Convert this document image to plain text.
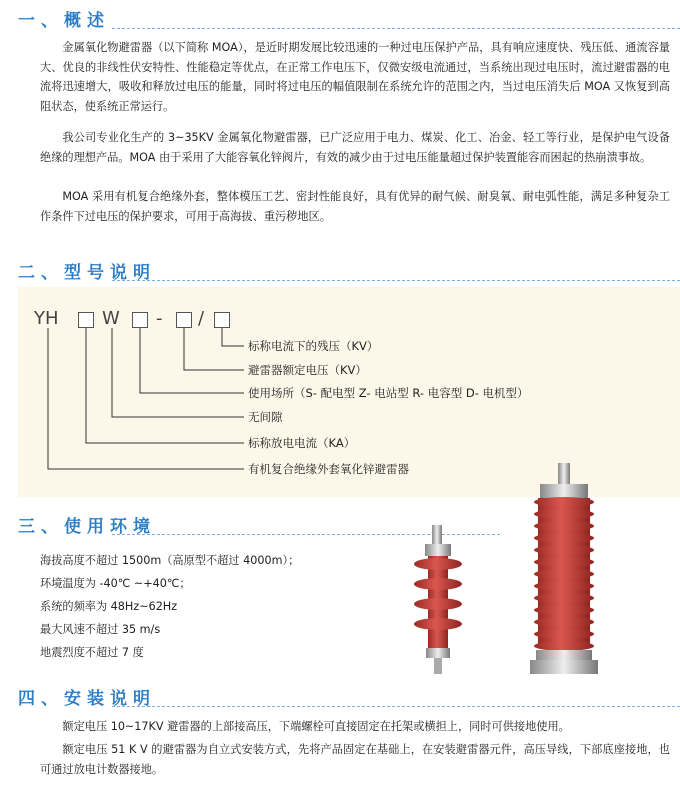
一、概述

金属氧化物避雷器（以下简称 MOA），是近时期发展比较迅速的一种过电压保护产品，具有响应速度快、残压低、通流容量大、优良的非线性伏安特性、性能稳定等优点，在正常工作电压下，仅微安级电流通过，当系统出现过电压时，流过避雷器的电流将迅速增大，吸收和释放过电压的能量，同时将过电压的幅值限制在系统允许的范围之内，当过电压消失后 MOA 又恢复到高阻状态，使系统正常运行。

我公司专业化生产的 3~35KV 金属氧化物避雷器，已广泛应用于电力、煤炭、化工、冶金、轻工等行业，是保护电气设备绝缘的理想产品。MOA 由于采用了大能容氧化锌阀片，有效的减少由于过电压能量超过保护装置能容而困起的热崩溃事故。

MOA 采用有机复合绝缘外套，整体模压工艺、密封性能良好，具有优异的耐气候、耐臭氧、耐电弧性能，满足多种复杂工作条件下过电压的保护要求，可用于高海拔、重污秽地区。

二、型号说明
YH W - /
标称电流下的残压（KV）
避雷器额定电压（KV）
使用场所（S- 配电型 Z- 电站型 R- 电容型 D- 电机型）
无间隙
标称放电电流（KA）
有机复合绝缘外套氧化锌避雷器
三、使用环境
海拔高度不超过 1500m（高原型不超过 4000m）；
环境温度为 -40℃ ~+40℃；
系统的频率为 48Hz~62Hz
最大风速不超过 35 m/s
地震烈度不超过 7 度
四、安装说明

额定电压 10~17KV 避雷器的上部接高压，下端螺栓可直接固定在托架或横担上，同时可供接地使用。

额定电压 51 K V 的避雷器为自立式安装方式，先将产品固定在基础上，在安装避雷器元件，高压导线，下部底座接地，也可通过放电计数器接地。
